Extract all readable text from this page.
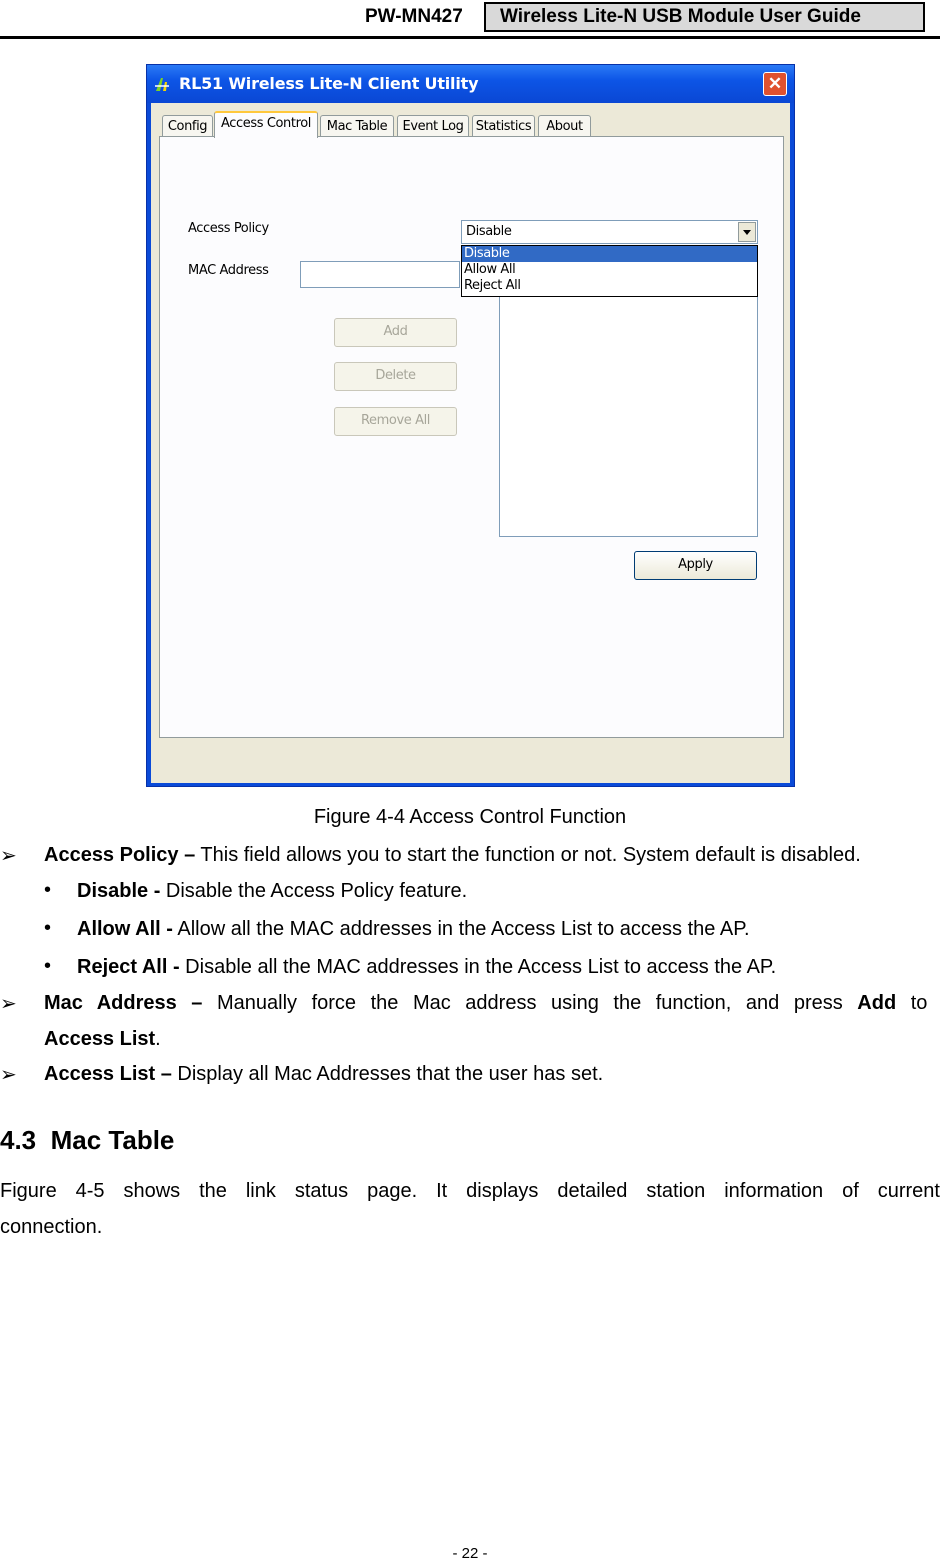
PW-MN427	Wireless Lite-N USB Module User Guide
RL51 Wireless Lite-N Client Utility	✕
Config	Access Control	Mac Table	Event Log Statistics	About
Access Policy
MAC Address
Disable
Disable
Allow All
Reject All
Add
Delete
Remove All
Apply
Figure 4-4 Access Control Function
➢ Access Policy – This field allows you to start the function or not. System default is disabled.
• Disable - Disable the Access Policy feature.
• Allow All - Allow all the MAC addresses in the Access List to access the AP.
• Reject All - Disable all the MAC addresses in the Access List to access the AP.
➢ Mac Address – Manually force the Mac address using the function, and press Add to
Access List.
➢ Access List – Display all Mac Addresses that the user has set.
4.3 Mac Table
Figure 4-5 shows the link status page. It displays detailed station information of current
connection.
- 22 -
